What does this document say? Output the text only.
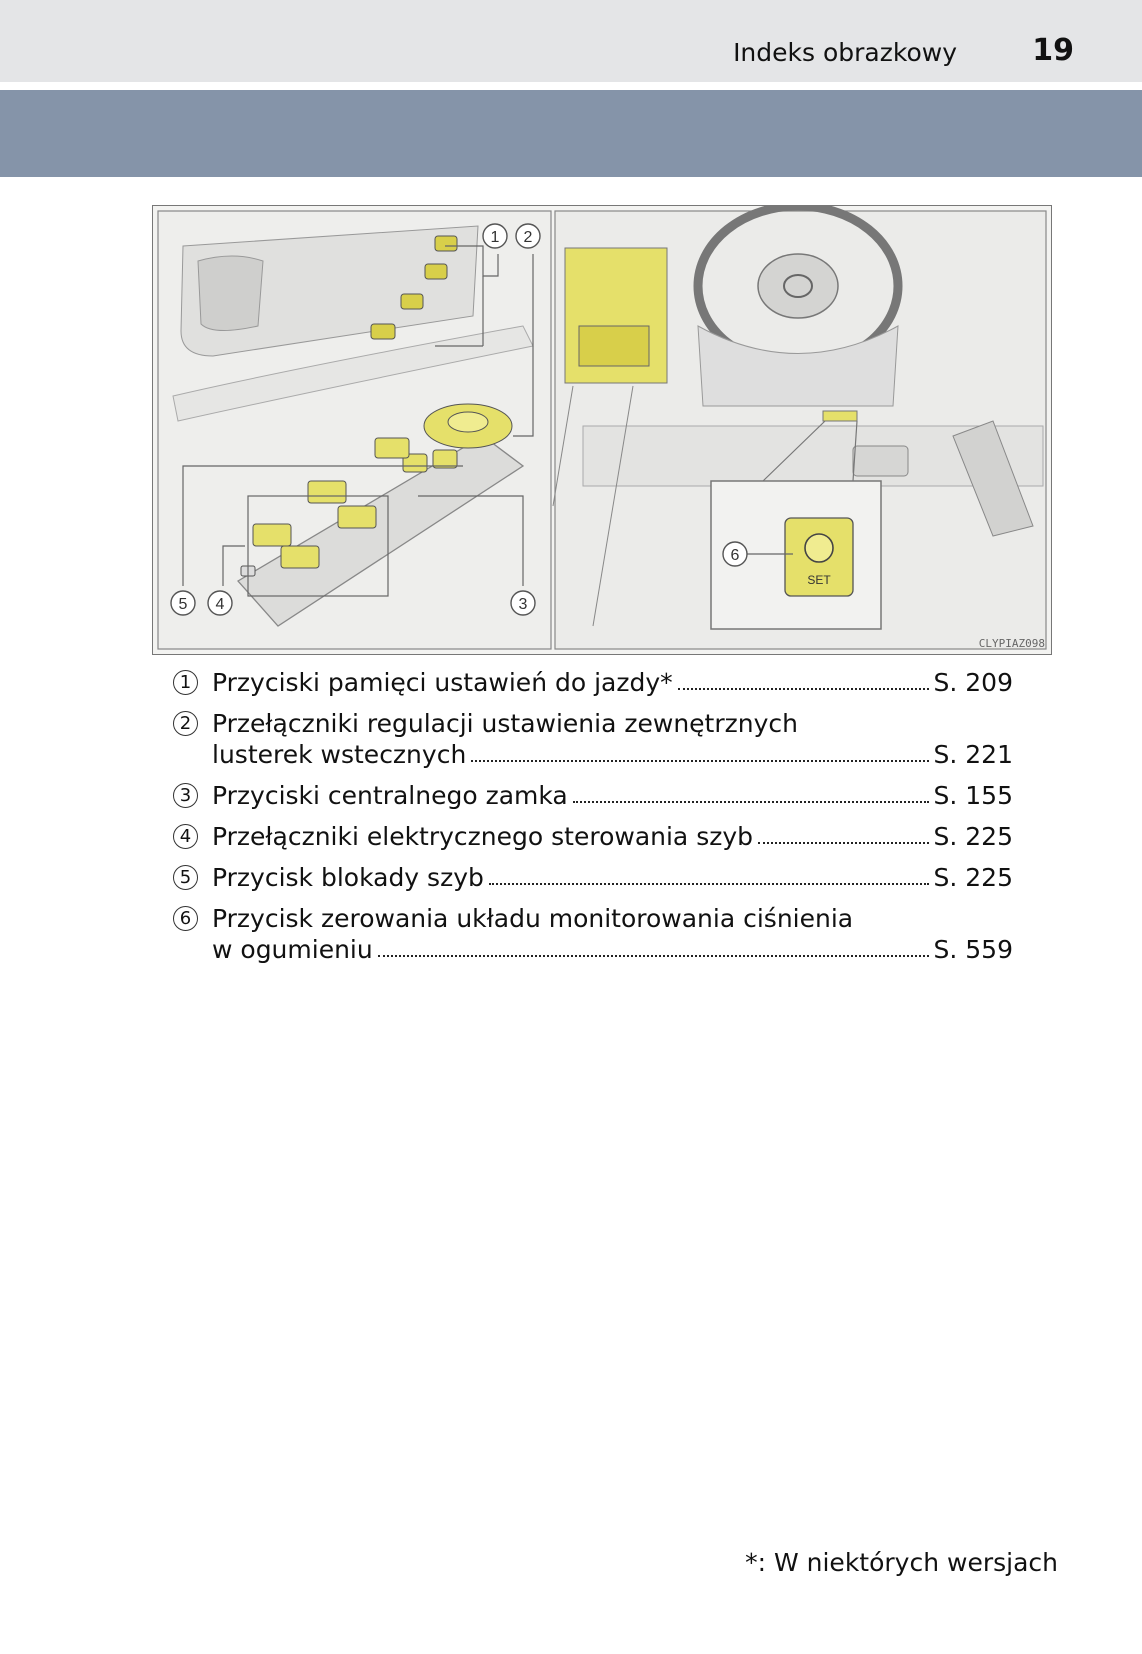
Indeks obrazkowy	19
1 2
3
4
5
SET
6
CLYPIAZ098
1 Przyciski pamięci ustawień do jazdy*	S. 209
2 Przełączniki regulacji ustawienia zewnętrznych
lusterek wstecznych	S. 221
3 Przyciski centralnego zamka	S. 155
4 Przełączniki elektrycznego sterowania szyb	S. 225
5 Przycisk blokady szyb	S. 225
6 Przycisk zerowania układu monitorowania ciśnienia
w ogumieniu	S. 559
*: W niektórych wersjach
